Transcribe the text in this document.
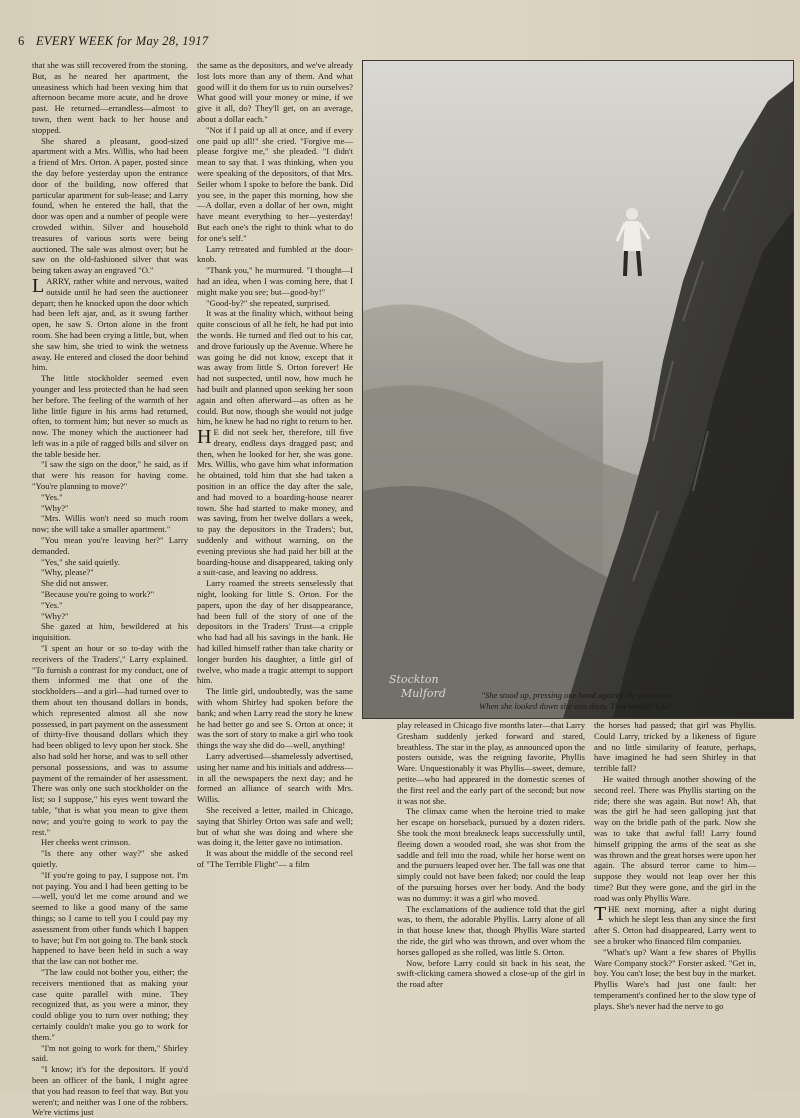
6 EVERY WEEK for May 28, 1917

that she was still recovered from the stoning. But, as he neared her apartment, the uneasiness which had been vexing him that afternoon became more acute, and he drove past. He returned—errandless—almost to town, then went back to her house and stopped.

She shared a pleasant, good-sized apartment with a Mrs. Willis, who had been a friend of Mrs. Orton. A paper, posted since the day before yesterday upon the entrance door of the building, now offered that particular apartment for sub-lease; and Larry found, when he entered the hall, that the door was open and a number of people were crowded within. Silver and household treasures of various sorts were being auctioned. The sale was almost over; but he saw on the old-fashioned silver that was being taken away an engraved "O."

LARRY, rather white and nervous, waited outside until he had seen the auctioneer depart; then he knocked upon the door which had been left ajar, and, as it swung farther open, he saw S. Orton alone in the front room. She had been crying a little, but, when she saw him, she tried to wink the wetness away. He entered and closed the door behind him.

The little stockholder seemed even younger and less protected than he had seen her before. The feeling of the warmth of her lithe little figure in his arms had returned, often, to torment him; but never so much as now. The money which the auctioneer had left was in a pile of ragged bills and silver on the table beside her.

"I saw the sign on the door," he said, as if that were his reason for having come. "You're planning to move?"

"Yes."

"Why?"

"Mrs. Willis won't need so much room now; she will take a smaller apartment."

"You mean you're leaving her?" Larry demanded.

"Yes," she said quietly.

"Why, please?"

She did not answer.

"Because you're going to work?"

"Yes."

"Why?"

She gazed at him, bewildered at his inquisition.

"I spent an hour or so to-day with the receivers of the Traders'," Larry explained. "To furnish a contrast for my conduct, one of them informed me that one of the stockholders—and a girl—had turned over to them about ten thousand dollars in bonds, which represented almost all she now possessed, in part payment on the assessment of thirty-five thousand dollars which they had been obliged to levy upon her stock. She also had sold her horse, and was to sell other personal possessions, and was to assume payment of the remainder of her assessment. There was only one such stockholder on the list; so I suppose," his eyes went toward the table, "that is what you mean to give them now; and you're going to work to pay the rest."

Her cheeks went crimson.

"Is there any other way?" she asked quietly.

"If you're going to pay, I suppose not. I'm not paying. You and I had been getting to be—well, you'd let me come around and we seemed to like a good many of the same things; so I came to tell you I could pay my assessment from other funds which I happen to have; but I'm not going to. The bank stock happened to have been held in such a way that the law can not bother me.

"The law could not bother you, either; the receivers mentioned that as making your case quite parallel with mine. They recognized that, as you were a minor, they could oblige you to turn over nothing; they certainly couldn't make you go to work for them."

"I'm not going to work for them," Shirley said.

"I know; it's for the depositors. If you'd been an officer of the bank, I might agree that you had reason to feel that way. But you weren't; and neither was I one of the robbers. We're victims just

the same as the depositors, and we've already lost lots more than any of them. And what good will it do them for us to ruin ourselves? What good will your money or mine, if we give it all, do? They'll get, on an average, about a dollar each."

"Not if I paid up all at once, and if every one paid up all!" she cried. "Forgive me—please forgive me," she pleaded. "I didn't mean to say that. I was thinking, when you were speaking of the depositors, of that Mrs. Seiler whom I spoke to before the bank. Did you see, in the paper this morning, how she—A dollar, even a dollar of her own, might have meant everything to her—yesterday! But each one's the right to think what to do for one's self."

Larry retreated and fumbled at the door-knob.

"Thank you," he murmured. "I thought—I had an idea, when I was coming here, that I might make you see; but—good-by!"

"Good-by?" she repeated, surprised.

It was at the finality which, without being quite conscious of all he felt, he had put into the words. He turned and fled out to his car, and drove furiously up the Avenue. Where he was going he did not know, except that it was away from little S. Orton forever! He had not suspected, until now, how much he had built and planned upon seeking her soon again and often afterward—as often as he could. But now, though she would not judge him, he knew he had no right to return to her.

H E did not seek her, therefore, till five dreary, endless days dragged past; and then, when he looked for her, she was gone. Mrs. Willis, who gave him what information he obtained, told him that she had taken a position in an office the day after the sale, and had moved to a boarding-house nearer town. She had started to make money, and was saving, from her twelve dollars a week, to pay the depositors in the Traders'; but, suddenly and without warning, on the evening previous she had paid her bill at the boarding-house and disappeared, taking only a suit-case, and leaving no address.

Larry roamed the streets senselessly that night, looking for little S. Orton. For the papers, upon the day of her disappearance, had been full of the story of one of the depositors in the Traders' Trust—a cripple who had had all his savings in the bank. He had killed himself rather than take charity or longer burden his daughter, a little girl of twelve, who made a tragic attempt to support him.

The little girl, undoubtedly, was the same with whom Shirley had spoken before the bank; and when Larry read the story he knew he had better go and see S. Orton at once; it was the sort of story to make a girl who took things the way she did do—well, anything!

Larry advertised—shamelessly advertised, using her name and his initials and address—in all the newspapers the next day; and he formed an alliance of search with Mrs. Willis.

She received a letter, mailed in Chicago, saying that Shirley Orton was safe and well; but of what she was doing and where she was doing it, the letter gave no intimation.

It was about the middle of the second reel of "The Terrible Flight"— a film

Stockton
Mulford	"She stood up, pressing one hand against the mountain.
When she looked down she was dizzy. That wouldn't do!"

play released in Chicago five months later—that Larry Gresham suddenly jerked forward and stared, breathless. The star in the play, as announced upon the posters outside, was the reigning favorite, Phyllis Ware. Unquestionably it was Phyllis—sweet, demure, petite—who had appeared in the domestic scenes of the first reel and the early part of the second; but now it was not she.

The climax came when the heroine tried to make her escape on horseback, pursued by a dozen riders. She took the most breakneck leaps successfully until, fleeing down a wooded road, she was shot from the saddle and fell into the road, while her horse went on and the pursuers leaped over her. The fall was one that simply could not have been faked; nor could the leap of the pursuing horses over her body. And the body was no dummy: it was a girl who moved.

The exclamations of the audience told that the girl was, to them, the adorable Phyllis. Larry alone of all in that house knew that, though Phyllis Ware started the ride, the girl who was thrown, and over whom the horses galloped as she rolled, was little S. Orton.

Now, before Larry could sit back in his seat, the swift-clicking camera showed a close-up of the girl in the road after

the horses had passed; that girl was Phyllis. Could Larry, tricked by a likeness of figure and no little similarity of feature, perhaps, have imagined he had seen Shirley in that terrible fall?

He waited through another showing of the second reel. There was Phyllis starting on the ride; there she was again. But now! Ah, that was the girl he had seen galloping just that way on the bridle path of the park. Now she was to take that awful fall! Larry found himself gripping the arms of the seat as she was thrown and the great horses were upon her again. The absurd terror came to him—suppose they would not leap over her this time? But they were gone, and the girl in the road was only Phyllis Ware.

THE next morning, after a night during which he slept less than any since the first after S. Orton had disappeared, Larry went to see a broker who financed film companies.

"What's up? Want a few shares of Phyllis Ware Company stock?" Forster asked. "Get in, boy. You can't lose; the best buy in the market. Phyllis Ware's had just one fault: her temperament's confined her to the slow type of plays. She's never had the nerve to go
